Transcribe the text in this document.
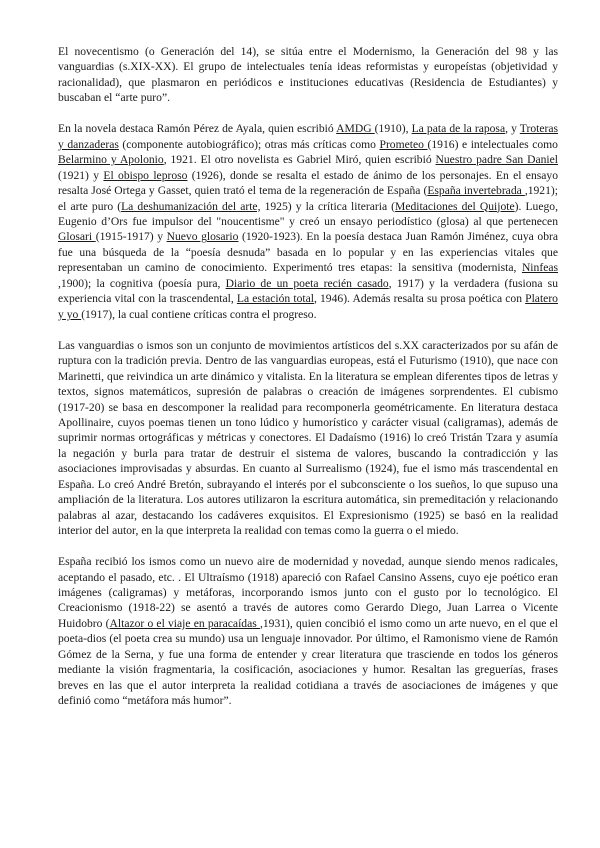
El novecentismo (o Generación del 14), se sitúa entre el Modernismo, la Generación del 98 y las vanguardias (s.XIX-XX). El grupo de intelectuales tenía ideas reformistas y europeístas (objetividad y racionalidad), que plasmaron en periódicos e instituciones educativas (Residencia de Estudiantes) y buscaban el “arte puro”.

En la novela destaca Ramón Pérez de Ayala, quien escribió AMDG (1910), La pata de la raposa, y Troteras y danzaderas (componente autobiográfico); otras más críticas como Prometeo (1916) e intelectuales como Belarmino y Apolonio, 1921. El otro novelista es Gabriel Miró, quien escribió Nuestro padre San Daniel (1921) y El obispo leproso (1926), donde se resalta el estado de ánimo de los personajes. En el ensayo resalta José Ortega y Gasset, quien trató el tema de la regeneración de España (España invertebrada ,1921); el arte puro (La deshumanización del arte, 1925) y la crítica literaria (Meditaciones del Quijote). Luego, Eugenio d’Ors fue impulsor del "noucentisme" y creó un ensayo periodístico (glosa) al que pertenecen Glosari (1915-1917) y Nuevo glosario (1920-1923). En la poesía destaca Juan Ramón Jiménez, cuya obra fue una búsqueda de la “poesía desnuda” basada en lo popular y en las experiencias vitales que representaban un camino de conocimiento. Experimentó tres etapas: la sensitiva (modernista, Ninfeas ,1900); la cognitiva (poesía pura, Diario de un poeta recién casado, 1917) y la verdadera (fusiona su experiencia vital con la trascendental, La estación total, 1946). Además resalta su prosa poética con Platero y yo (1917), la cual contiene críticas contra el progreso.

Las vanguardias o ismos son un conjunto de movimientos artísticos del s.XX caracterizados por su afán de ruptura con la tradición previa. Dentro de las vanguardias europeas, está el Futurismo (1910), que nace con Marinetti, que reivindica un arte dinámico y vitalista. En la literatura se emplean diferentes tipos de letras y textos, signos matemáticos, supresión de palabras o creación de imágenes sorprendentes. El cubismo (1917-20) se basa en descomponer la realidad para recomponerla geométricamente. En literatura destaca Apollinaire, cuyos poemas tienen un tono lúdico y humorístico y carácter visual (caligramas), además de suprimir normas ortográficas y métricas y conectores. El Dadaísmo (1916) lo creó Tristán Tzara y asumía la negación y burla para tratar de destruir el sistema de valores, buscando la contradicción y las asociaciones improvisadas y absurdas. En cuanto al Surrealismo (1924), fue el ismo más trascendental en España. Lo creó André Bretón, subrayando el interés por el subconsciente o los sueños, lo que supuso una ampliación de la literatura. Los autores utilizaron la escritura automática, sin premeditación y relacionando palabras al azar, destacando los cadáveres exquisitos. El Expresionismo (1925) se basó en la realidad interior del autor, en la que interpreta la realidad con temas como la guerra o el miedo.

España recibió los ismos como un nuevo aire de modernidad y novedad, aunque siendo menos radicales, aceptando el pasado, etc. . El Ultraísmo (1918) apareció con Rafael Cansino Assens, cuyo eje poético eran imágenes (caligramas) y metáforas, incorporando ismos junto con el gusto por lo tecnológico. El Creacionismo (1918-22) se asentó a través de autores como Gerardo Diego, Juan Larrea o Vicente Huidobro (Altazor o el viaje en paracaídas ,1931), quien concibió el ismo como un arte nuevo, en el que el poeta-dios (el poeta crea su mundo) usa un lenguaje innovador. Por último, el Ramonismo viene de Ramón Gómez de la Serna, y fue una forma de entender y crear literatura que trasciende en todos los géneros mediante la visión fragmentaria, la cosificación, asociaciones y humor. Resaltan las greguerías, frases breves en las que el autor interpreta la realidad cotidiana a través de asociaciones de imágenes y que definió como “metáfora más humor”.
